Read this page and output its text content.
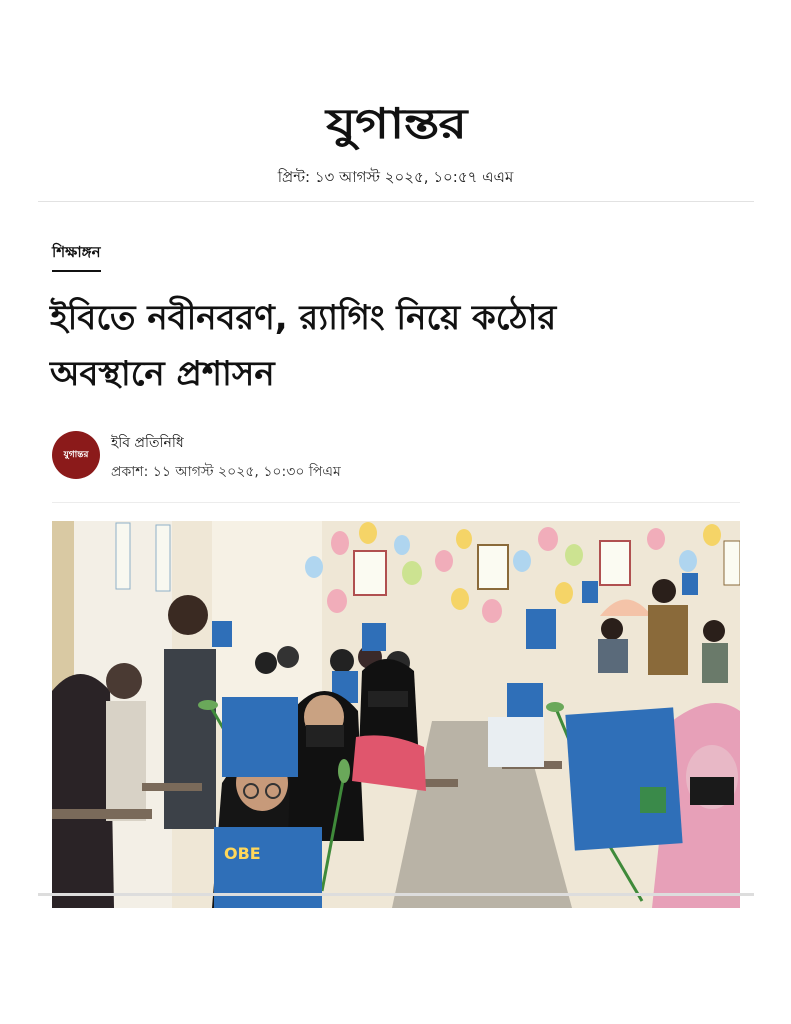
যুগান্তর
প্রিন্ট: ১৩ আগস্ট ২০২৫, ১০:৫৭ এএম
শিক্ষাঙ্গন
ইবিতে নবীনবরণ, র‍্যাগিং নিয়ে কঠোর
অবস্থানে প্রশাসন
যুগান্তর
ইবি প্রতিনিধি
প্রকাশ: ১১ আগস্ট ২০২৫, ১০:৩০ পিএম
OBE
